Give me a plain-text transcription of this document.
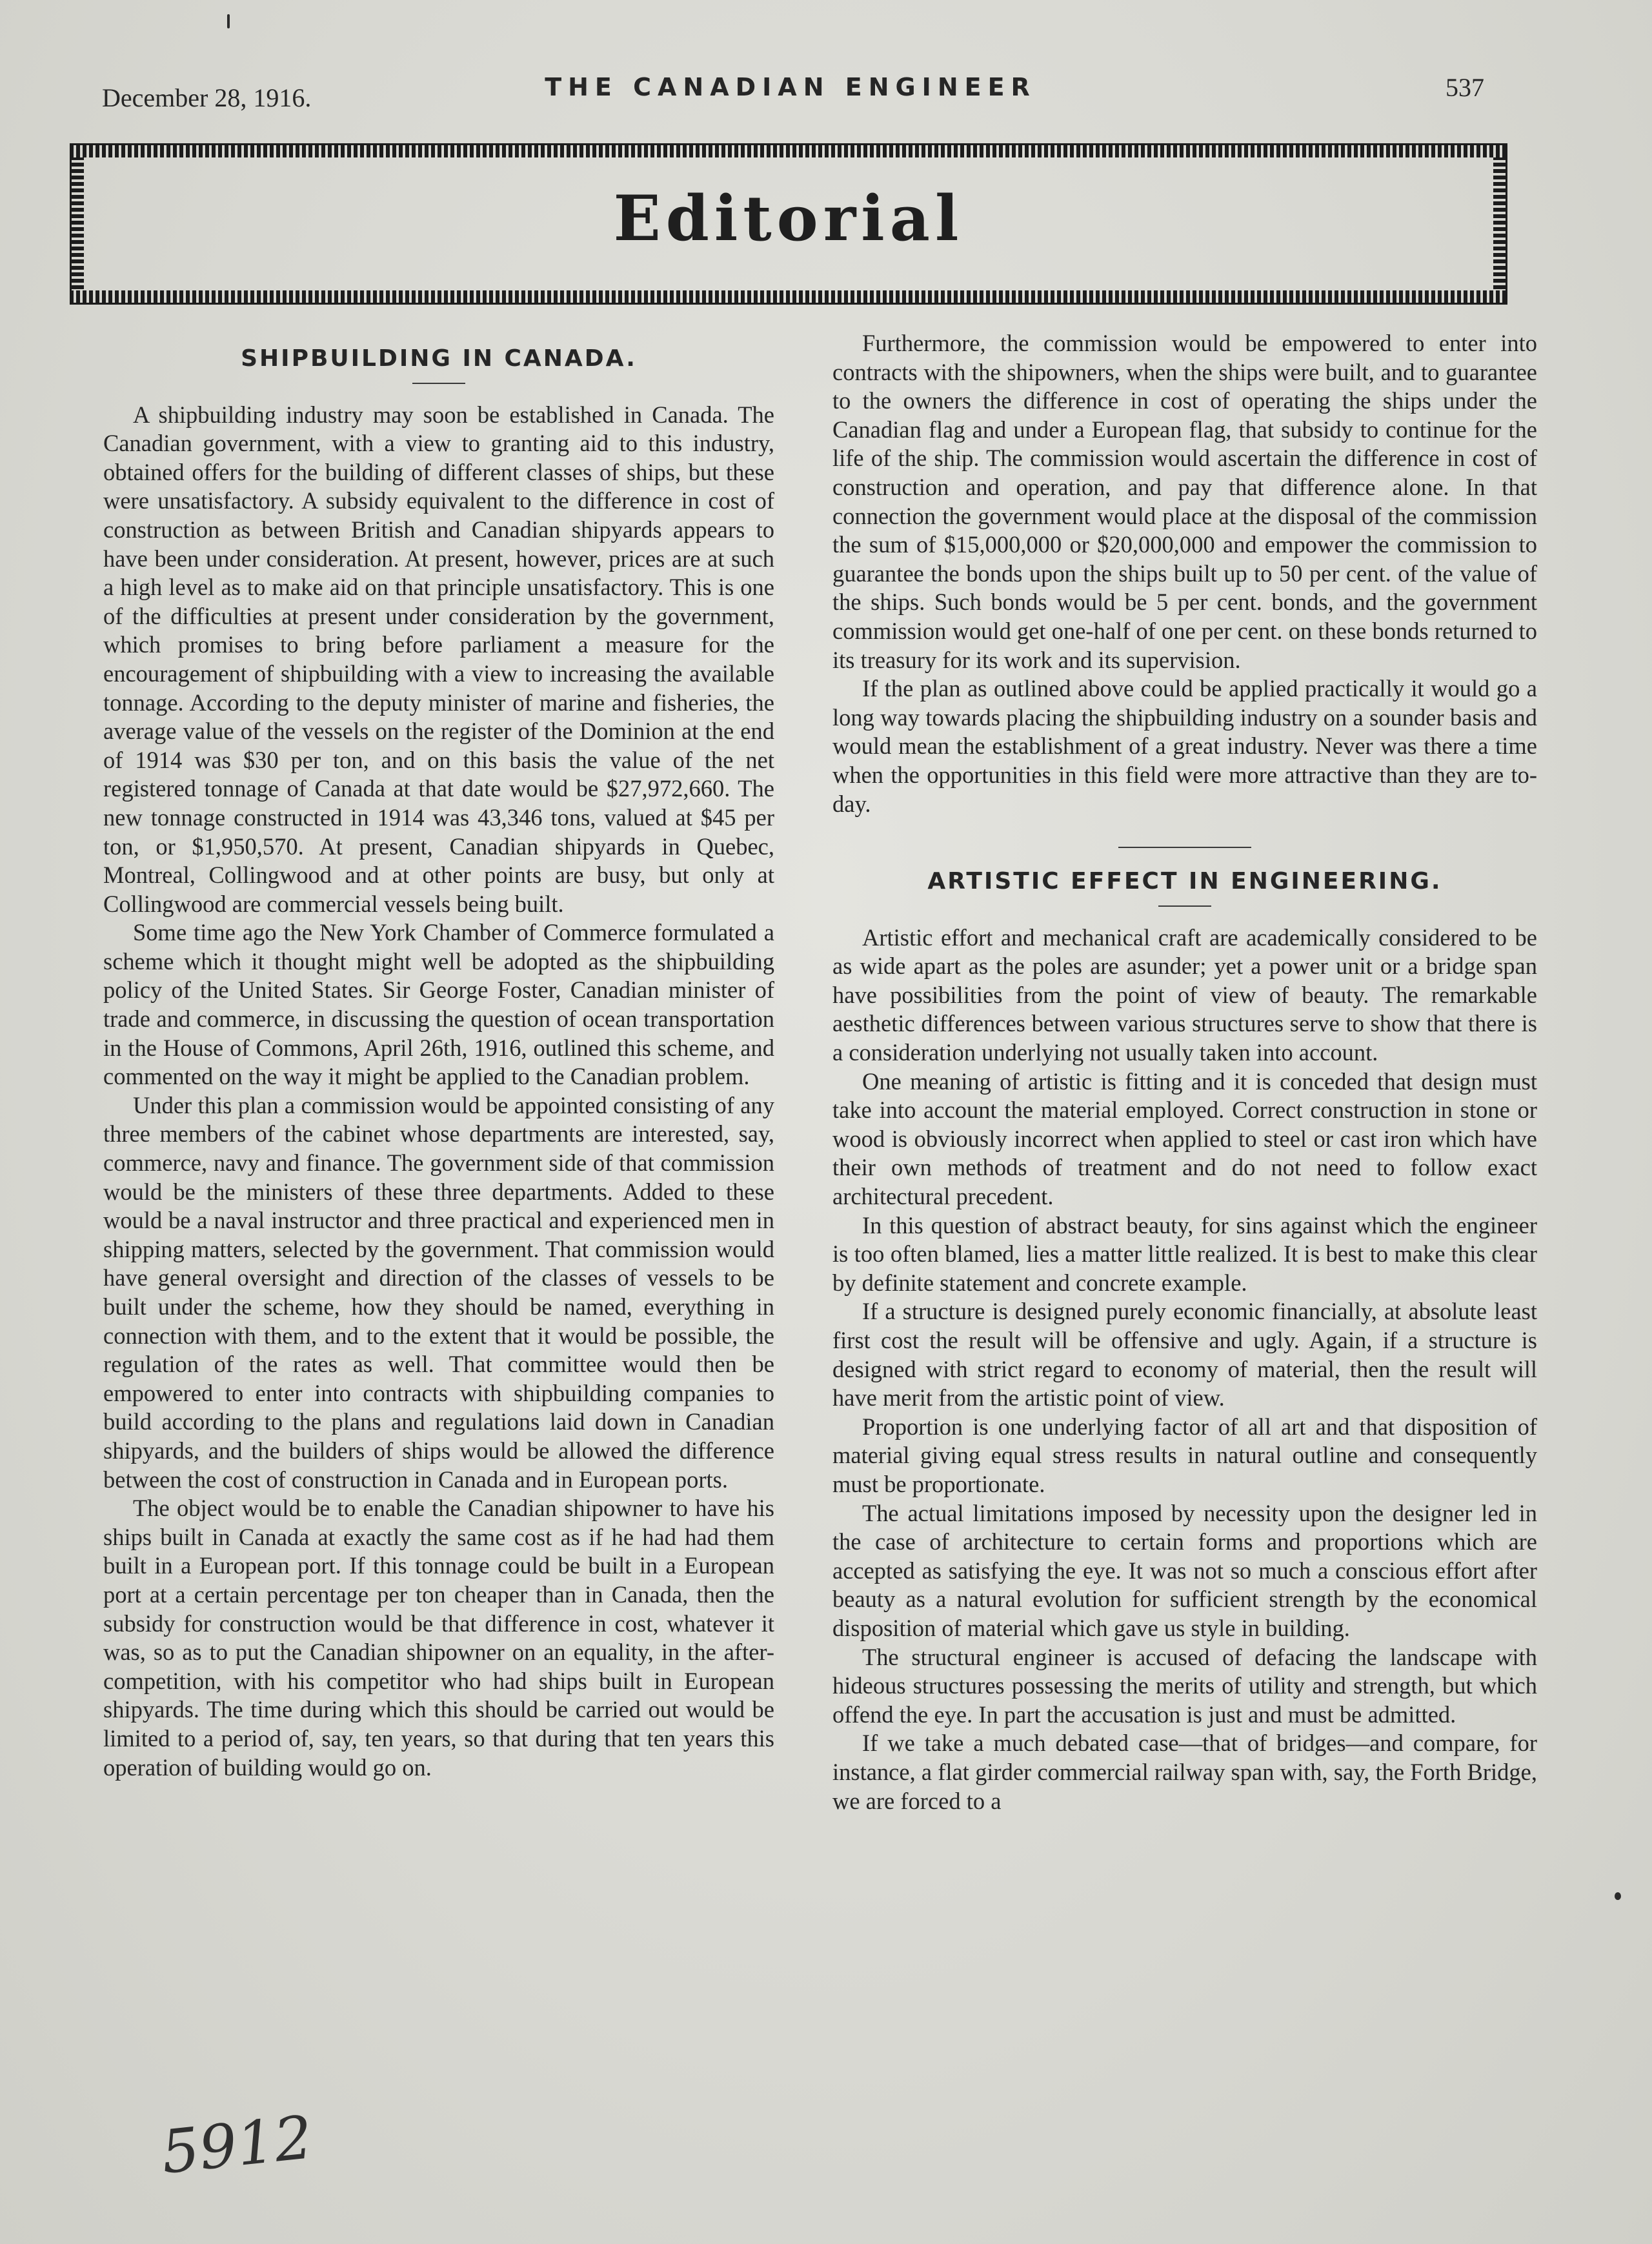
December 28, 1916.	THE CANADIAN ENGINEER	537
Editorial
SHIPBUILDING IN CANADA.

A shipbuilding industry may soon be established in Canada. The Canadian government, with a view to granting aid to this industry, obtained offers for the building of different classes of ships, but these were unsatisfactory. A subsidy equivalent to the difference in cost of construction as between British and Canadian shipyards appears to have been under consideration. At present, however, prices are at such a high level as to make aid on that principle unsatisfactory. This is one of the difficulties at present under consideration by the government, which promises to bring before parliament a measure for the encouragement of shipbuilding with a view to increasing the available tonnage. According to the deputy minister of marine and fisheries, the average value of the vessels on the register of the Dominion at the end of 1914 was $30 per ton, and on this basis the value of the net registered tonnage of Canada at that date would be $27,972,660. The new tonnage constructed in 1914 was 43,346 tons, valued at $45 per ton, or $1,950,570. At present, Canadian shipyards in Quebec, Montreal, Collingwood and at other points are busy, but only at Collingwood are commercial vessels being built.

Some time ago the New York Chamber of Commerce formulated a scheme which it thought might well be adopted as the shipbuilding policy of the United States. Sir George Foster, Canadian minister of trade and commerce, in discussing the question of ocean transportation in the House of Commons, April 26th, 1916, outlined this scheme, and commented on the way it might be applied to the Canadian problem.

Under this plan a commission would be appointed consisting of any three members of the cabinet whose departments are interested, say, commerce, navy and finance. The government side of that commission would be the ministers of these three departments. Added to these would be a naval instructor and three practical and experienced men in shipping matters, selected by the government. That commission would have general oversight and direction of the classes of vessels to be built under the scheme, how they should be named, everything in connection with them, and to the extent that it would be possible, the regulation of the rates as well. That committee would then be empowered to enter into contracts with shipbuilding companies to build according to the plans and regulations laid down in Canadian shipyards, and the builders of ships would be allowed the difference between the cost of construction in Canada and in European ports.

The object would be to enable the Canadian shipowner to have his ships built in Canada at exactly the same cost as if he had had them built in a European port. If this tonnage could be built in a European port at a certain percentage per ton cheaper than in Canada, then the subsidy for construction would be that difference in cost, whatever it was, so as to put the Canadian shipowner on an equality, in the after-competition, with his competitor who had ships built in European shipyards. The time during which this should be carried out would be limited to a period of, say, ten years, so that during that ten years this operation of building would go on.

Furthermore, the commission would be empowered to enter into contracts with the shipowners, when the ships were built, and to guarantee to the owners the difference in cost of operating the ships under the Canadian flag and under a European flag, that subsidy to continue for the life of the ship. The commission would ascertain the difference in cost of construction and operation, and pay that difference alone. In that connection the government would place at the disposal of the commission the sum of $15,000,000 or $20,000,000 and empower the commission to guarantee the bonds upon the ships built up to 50 per cent. of the value of the ships. Such bonds would be 5 per cent. bonds, and the government commission would get one-half of one per cent. on these bonds returned to its treasury for its work and its supervision.

If the plan as outlined above could be applied practically it would go a long way towards placing the shipbuilding industry on a sounder basis and would mean the establishment of a great industry. Never was there a time when the opportunities in this field were more attractive than they are to-day.

ARTISTIC EFFECT IN ENGINEERING.

Artistic effort and mechanical craft are academically considered to be as wide apart as the poles are asunder; yet a power unit or a bridge span have possibilities from the point of view of beauty. The remarkable aesthetic differences between various structures serve to show that there is a consideration underlying not usually taken into account.

One meaning of artistic is fitting and it is conceded that design must take into account the material employed. Correct construction in stone or wood is obviously incorrect when applied to steel or cast iron which have their own methods of treatment and do not need to follow exact architectural precedent.

In this question of abstract beauty, for sins against which the engineer is too often blamed, lies a matter little realized. It is best to make this clear by definite statement and concrete example.

If a structure is designed purely economic financially, at absolute least first cost the result will be offensive and ugly. Again, if a structure is designed with strict regard to economy of material, then the result will have merit from the artistic point of view.

Proportion is one underlying factor of all art and that disposition of material giving equal stress results in natural outline and consequently must be proportionate.

The actual limitations imposed by necessity upon the designer led in the case of architecture to certain forms and proportions which are accepted as satisfying the eye. It was not so much a conscious effort after beauty as a natural evolution for sufficient strength by the economical disposition of material which gave us style in building.

The structural engineer is accused of defacing the landscape with hideous structures possessing the merits of utility and strength, but which offend the eye. In part the accusation is just and must be admitted.

If we take a much debated case—that of bridges—and compare, for instance, a flat girder commercial railway span with, say, the Forth Bridge, we are forced to a

5912
